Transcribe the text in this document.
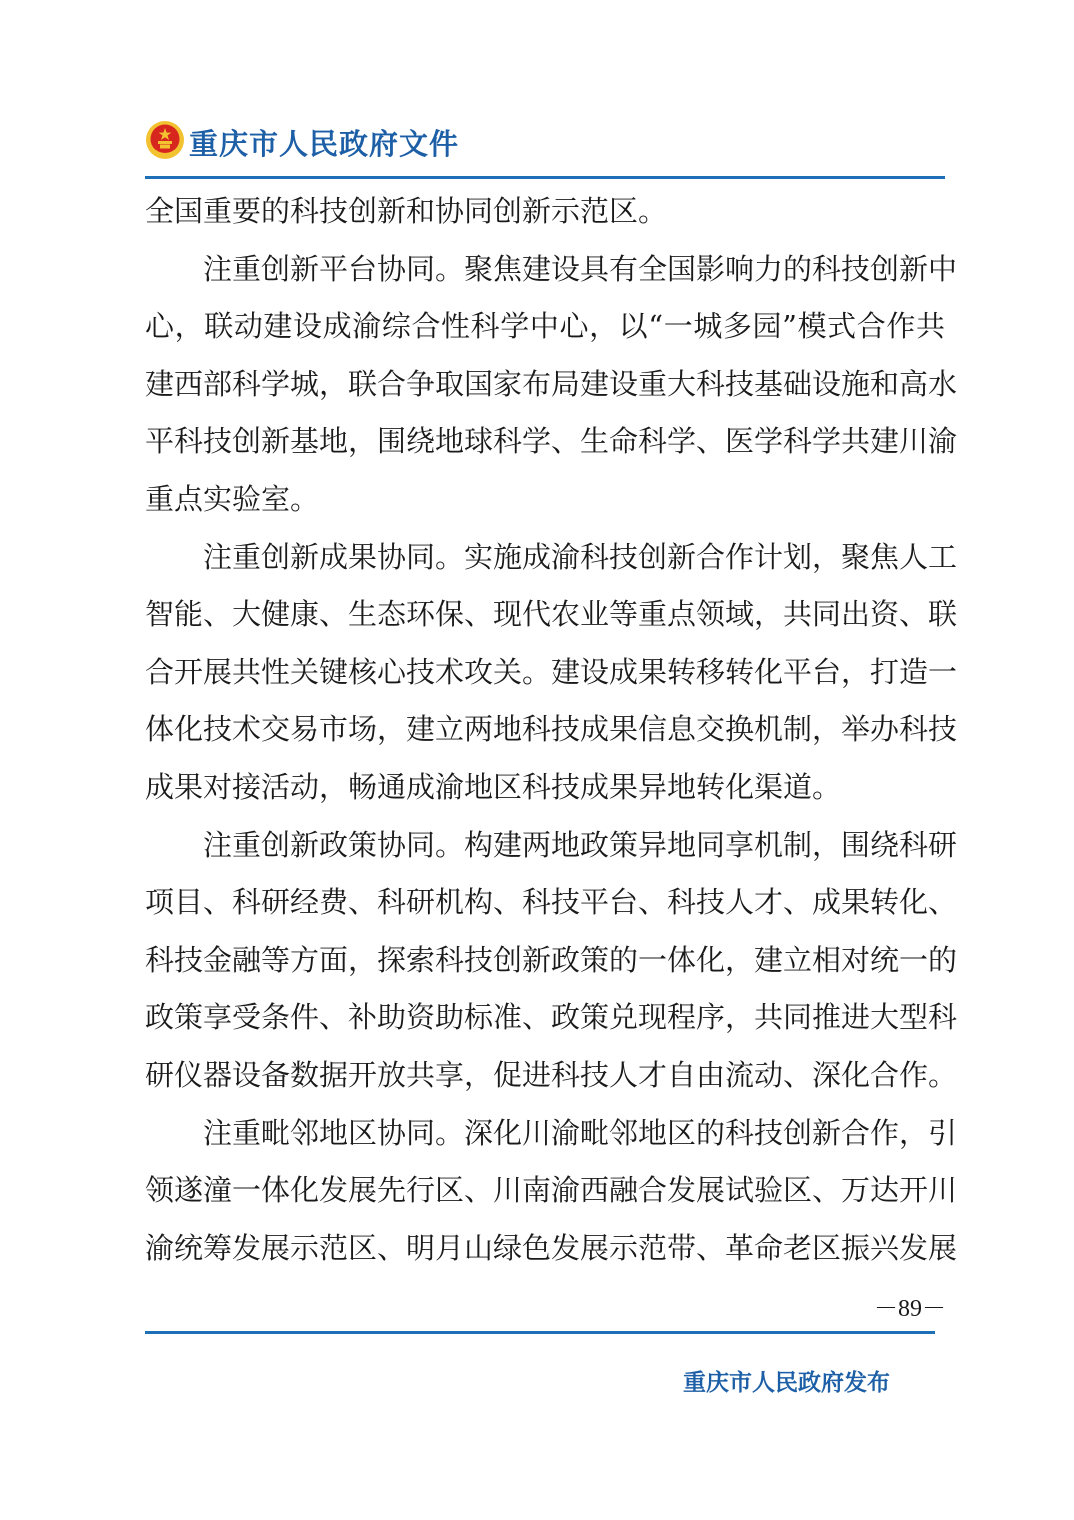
重庆市人民政府文件
全国重要的科技创新和协同创新示范区。
注重创新平台协同。聚焦建设具有全国影响力的科技创新中
心，联动建设成渝综合性科学中心，以“一城多园”模式合作共
建西部科学城，联合争取国家布局建设重大科技基础设施和高水
平科技创新基地，围绕地球科学、生命科学、医学科学共建川渝
重点实验室。
注重创新成果协同。实施成渝科技创新合作计划，聚焦人工
智能、大健康、生态环保、现代农业等重点领域，共同出资、联
合开展共性关键核心技术攻关。建设成果转移转化平台，打造一
体化技术交易市场，建立两地科技成果信息交换机制，举办科技
成果对接活动，畅通成渝地区科技成果异地转化渠道。
注重创新政策协同。构建两地政策异地同享机制，围绕科研
项目、科研经费、科研机构、科技平台、科技人才、成果转化、
科技金融等方面，探索科技创新政策的一体化，建立相对统一的
政策享受条件、补助资助标准、政策兑现程序，共同推进大型科
研仪器设备数据开放共享，促进科技人才自由流动、深化合作。
注重毗邻地区协同。深化川渝毗邻地区的科技创新合作，引
领遂潼一体化发展先行区、川南渝西融合发展试验区、万达开川
渝统筹发展示范区、明月山绿色发展示范带、革命老区振兴发展
－89－
重庆市人民政府发布
